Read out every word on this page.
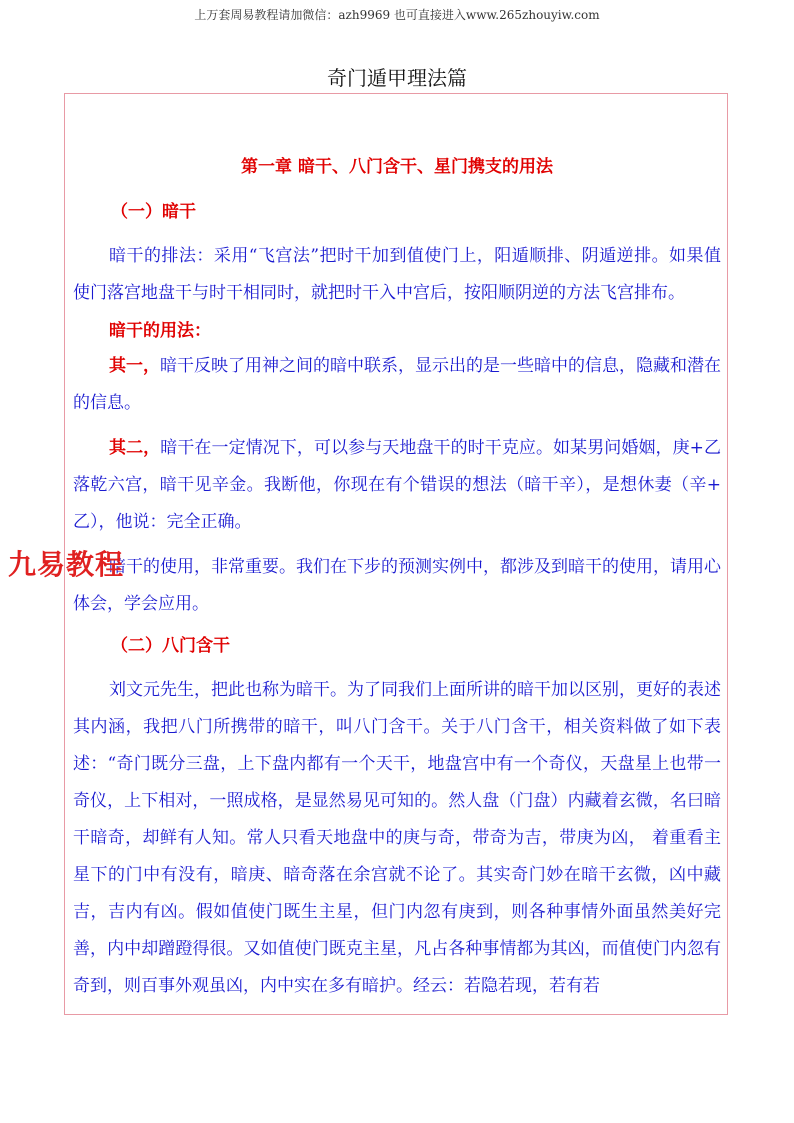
上万套周易教程请加微信：azh9969 也可直接进入www.265zhouyiw.com
奇门遁甲理法篇
第一章 暗干、八门含干、星门携支的用法
（一）暗干

暗干的排法：采用“飞宫法”把时干加到值使门上，阳遁顺排、阴遁逆排。如果值使门落宫地盘干与时干相同时，就把时干入中宫后，按阳顺阴逆的方法飞宫排布。

暗干的用法：

其一，暗干反映了用神之间的暗中联系，显示出的是一些暗中的信息，隐藏和潜在的信息。

其二，暗干在一定情况下，可以参与天地盘干的时干克应。如某男问婚姻，庚+乙落乾六宫，暗干见辛金。我断他，你现在有个错误的想法（暗干辛），是想休妻（辛+ 乙），他说：完全正确。

暗干的使用，非常重要。我们在下步的预测实例中，都涉及到暗干的使用，请用心体会，学会应用。

（二）八门含干

刘文元先生，把此也称为暗干。为了同我们上面所讲的暗干加以区别，更好的表述其内涵，我把八门所携带的暗干，叫八门含干。关于八门含干，相关资料做了如下表述：“奇门既分三盘，上下盘内都有一个天干，地盘宫中有一个奇仪，天盘星上也带一奇仪，上下相对，一照成格，是显然易见可知的。然人盘（门盘）内藏着玄微，名曰暗干暗奇，却鲜有人知。常人只看天地盘中的庚与奇，带奇为吉，带庚为凶， 着重看主星下的门中有没有，暗庚、暗奇落在余宫就不论了。其实奇门妙在暗干玄微，凶中藏吉，吉内有凶。假如值使门既生主星，但门内忽有庚到，则各种事情外面虽然美好完善，内中却蹭蹬得很。又如值使门既克主星，凡占各种事情都为其凶，而值使门内忽有奇到，则百事外观虽凶，内中实在多有暗护。经云：若隐若现，若有若

九易教程
